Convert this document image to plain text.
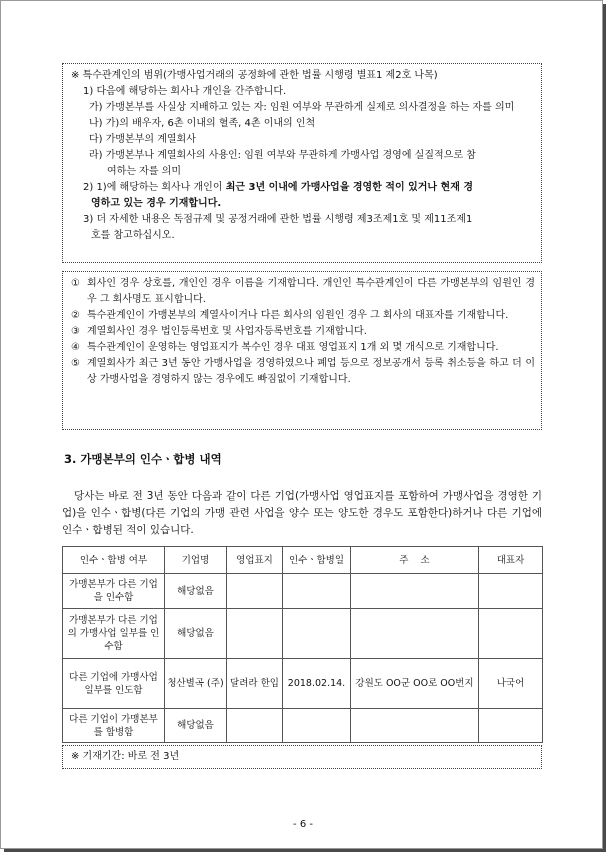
※ 특수관계인의 범위(가맹사업거래의 공정화에 관한 법률 시행령 별표1 제2호 나목)
1) 다음에 해당하는 회사나 개인을 간주합니다.
가) 가맹본부를 사실상 지배하고 있는 자: 임원 여부와 무관하게 실제로 의사결정을 하는 자를 의미
나) 가)의 배우자, 6촌 이내의 혈족, 4촌 이내의 인척
다) 가맹본부의 계열회사
라) 가맹본부나 계열회사의 사용인: 임원 여부와 무관하게 가맹사업 경영에 실질적으로 참
여하는 자를 의미
2) 1)에 해당하는 회사나 개인이 최근 3년 이내에 가맹사업을 경영한 적이 있거나 현재 경
영하고 있는 경우 기재합니다.
3) 더 자세한 내용은 독점규제 및 공정거래에 관한 법률 시행령 제3조제1호 및 제11조제1
호를 참고하십시오.
① 회사인 경우 상호를, 개인인 경우 이름을 기재합니다. 개인인 특수관계인이 다른 가맹본부의 임원인 경우 그 회사명도 표시합니다.
② 특수관계인이 가맹본부의 계열사이거나 다른 회사의 임원인 경우 그 회사의 대표자를 기재합니다.
③ 계열회사인 경우 법인등록번호 및 사업자등록번호를 기재합니다.
④ 특수관계인이 운영하는 영업표지가 복수인 경우 대표 영업표지 1개 외 몇 개식으로 기재합니다.
⑤ 계열회사가 최근 3년 동안 가맹사업을 경영하였으나 폐업 등으로 정보공개서 등록 취소등을 하고 더 이상 가맹사업을 경영하지 않는 경우에도 빠짐없이 기재합니다.
3. 가맹본부의 인수ㆍ합병 내역
당사는 바로 전 3년 동안 다음과 같이 다른 기업(가맹사업 영업표지를 포함하여 가맹사업을 경영한 기업)을 인수ㆍ합병(다른 기업의 가맹 관련 사업을 양수 또는 양도한 경우도 포함한다)하거나 다른 기업에 인수ㆍ합병된 적이 있습니다.
인수ㆍ합병 여부	기업명	영업표지	인수ㆍ합병일	주    소	대표자
가맹본부가 다른 기업을 인수함	해당없음				
가맹본부가 다른 기업의 가맹사업 일부를 인수함	해당없음				
다른 기업에 가맹사업 일부를 인도함	청산별곡 (주)	달려라 한입	2018.02.14.	강원도 OO군 OO로 OO번지	나국어
다른 기업이 가맹본부를 합병함	해당없음				
※ 기재기간: 바로 전 3년
- 6 -
